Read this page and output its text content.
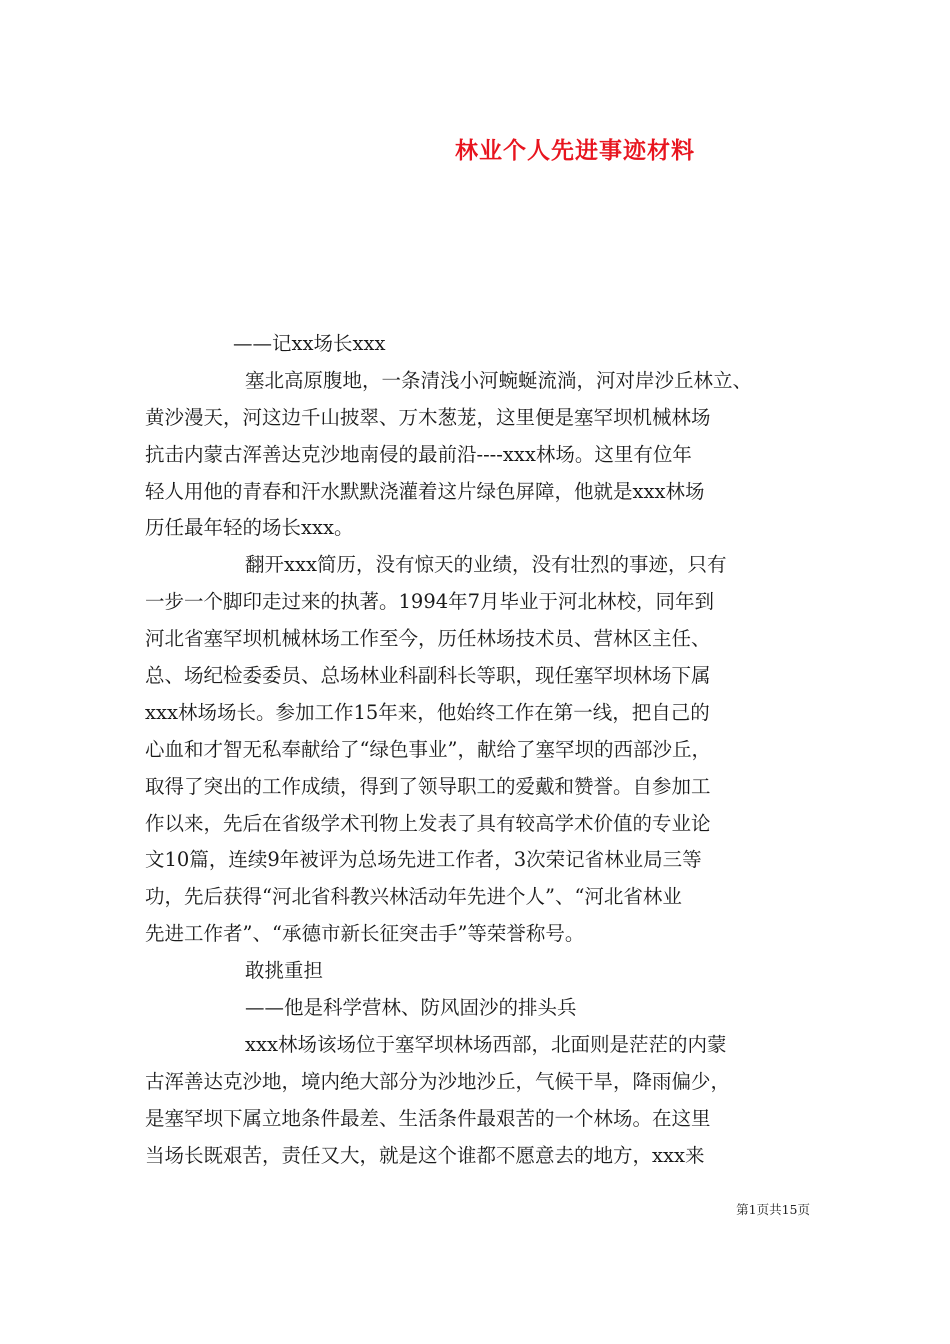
林业个人先进事迹材料
——记xx场长xxx
塞北高原腹地，一条清浅小河蜿蜒流淌，河对岸沙丘林立、
黄沙漫天，河这边千山披翠、万木葱茏，这里便是塞罕坝机械林场
抗击内蒙古浑善达克沙地南侵的最前沿----xxx林场。这里有位年
轻人用他的青春和汗水默默浇灌着这片绿色屏障，他就是xxx林场
历任最年轻的场长xxx。
翻开xxx简历，没有惊天的业绩，没有壮烈的事迹，只有
一步一个脚印走过来的执著。1994年7月毕业于河北林校，同年到
河北省塞罕坝机械林场工作至今，历任林场技术员、营林区主任、
总、场纪检委委员、总场林业科副科长等职，现任塞罕坝林场下属
xxx林场场长。参加工作15年来，他始终工作在第一线，把自己的
心血和才智无私奉献给了“绿色事业”，献给了塞罕坝的西部沙丘，
取得了突出的工作成绩，得到了领导职工的爱戴和赞誉。自参加工
作以来，先后在省级学术刊物上发表了具有较高学术价值的专业论
文10篇，连续9年被评为总场先进工作者，3次荣记省林业局三等
功，先后获得“河北省科教兴林活动年先进个人”、“河北省林业
先进工作者”、“承德市新长征突击手”等荣誉称号。
敢挑重担
——他是科学营林、防风固沙的排头兵
xxx林场该场位于塞罕坝林场西部，北面则是茫茫的内蒙
古浑善达克沙地，境内绝大部分为沙地沙丘，气候干旱，降雨偏少，
是塞罕坝下属立地条件最差、生活条件最艰苦的一个林场。在这里
当场长既艰苦，责任又大，就是这个谁都不愿意去的地方，xxx来
第1页共15页
